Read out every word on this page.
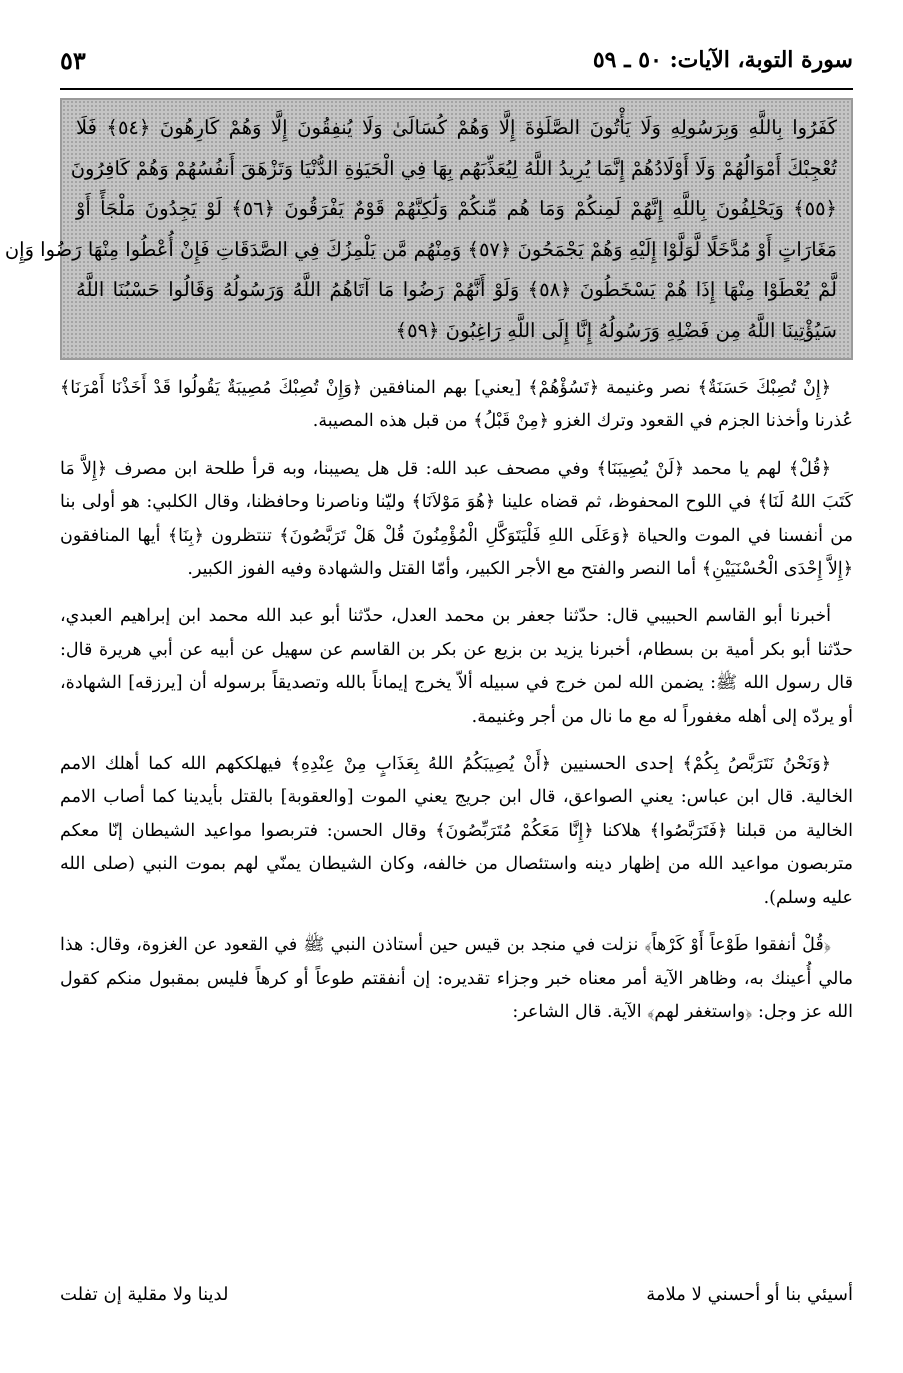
سورة التوبة، الآيات: ٥٠ ـ ٥٩
٥٣
كَفَرُوا بِاللَّهِ وَبِرَسُولِهِ وَلَا يَأْتُونَ الصَّلَوٰةَ إِلَّا وَهُمْ كُسَالَىٰ وَلَا يُنفِقُونَ إِلَّا وَهُمْ كَارِهُونَ ﴿٥٤﴾ فَلَا
تُعْجِبْكَ أَمْوَالُهُمْ وَلَا أَوْلَادُهُمْ إِنَّمَا يُرِيدُ اللَّهُ لِيُعَذِّبَهُم بِهَا فِي الْحَيَوٰةِ الدُّنْيَا وَتَزْهَقَ أَنفُسُهُمْ وَهُمْ كَافِرُونَ
﴿٥٥﴾ وَيَحْلِفُونَ بِاللَّهِ إِنَّهُمْ لَمِنكُمْ وَمَا هُم مِّنكُمْ وَلَٰكِنَّهُمْ قَوْمٌ يَفْرَقُونَ ﴿٥٦﴾ لَوْ يَجِدُونَ مَلْجَأً أَوْ
مَغَارَاتٍ أَوْ مُدَّخَلًا لَّوَلَّوْا إِلَيْهِ وَهُمْ يَجْمَحُونَ ﴿٥٧﴾ وَمِنْهُم مَّن يَلْمِزُكَ فِي الصَّدَقَاتِ فَإِنْ أُعْطُوا مِنْهَا رَضُوا وَإِن
لَّمْ يُعْطَوْا مِنْهَا إِذَا هُمْ يَسْخَطُونَ ﴿٥٨﴾ وَلَوْ أَنَّهُمْ رَضُوا مَا آتَاهُمُ اللَّهُ وَرَسُولُهُ وَقَالُوا حَسْبُنَا اللَّهُ
سَيُؤْتِينَا اللَّهُ مِن فَضْلِهِ وَرَسُولُهُ إِنَّا إِلَى اللَّهِ رَاغِبُونَ ﴿٥٩﴾

﴿إِنْ تُصِبْكَ حَسَنَةٌ﴾ نصر وغنيمة ﴿تَسُؤْهُمْ﴾ [يعني] بهم المنافقين ﴿وَإِنْ تُصِبْكَ مُصِيبَةٌ يَقُولُوا قَدْ أَخَذْنَا أَمْرَنَا﴾ عُذرنا وأخذنا الجزم في القعود وترك الغزو ﴿مِنْ قَبْلُ﴾ من قبل هذه المصيبة.

﴿قُلْ﴾ لهم يا محمد ﴿لَنْ يُصِيبَنَا﴾ وفي مصحف عبد الله: قل هل يصيبنا، وبه قرأ طلحة ابن مصرف ﴿إِلاَّ مَا كَتَبَ اللهُ لَنَا﴾ في اللوح المحفوظ، ثم قضاه علينا ﴿هُوَ مَوْلاَنَا﴾ وليّنا وناصرنا وحافظنا، وقال الكلبي: هو أولى بنا من أنفسنا في الموت والحياة ﴿وَعَلَى اللهِ فَلْيَتَوَكَّلِ الْمُؤْمِنُونَ قُلْ هَلْ تَرَبَّصُونَ﴾ تنتظرون ﴿بِنَا﴾ أيها المنافقون ﴿إِلاَّ إِحْدَى الْحُسْنَيَيْنِ﴾ أما النصر والفتح مع الأجر الكبير، وأمّا القتل والشهادة وفيه الفوز الكبير.

أخبرنا أبو القاسم الحبيبي قال: حدّثنا جعفر بن محمد العدل، حدّثنا أبو عبد الله محمد ابن إبراهيم العبدي، حدّثنا أبو بكر أمية بن بسطام، أخبرنا يزيد بن بزيع عن بكر بن القاسم عن سهيل عن أبيه عن أبي هريرة قال: قال رسول الله ﷺ: يضمن الله لمن خرج في سبيله ألاّ يخرج إيماناً بالله وتصديقاً برسوله أن [يرزقه] الشهادة، أو يردّه إلى أهله مغفوراً له مع ما نال من أجر وغنيمة.

﴿وَنَحْنُ نَتَرَبَّصُ بِكُمْ﴾ إحدى الحسنيين ﴿أَنْ يُصِيبَكُمُ اللهُ بِعَذَابٍ مِنْ عِنْدِهِ﴾ فيهلككهم الله كما أهلك الامم الخالية. قال ابن عباس: يعني الصواعق، قال ابن جريج يعني الموت [والعقوبة] بالقتل بأيدينا كما أصاب الامم الخالية من قبلنا ﴿فَتَرَبَّصُوا﴾ هلاكنا ﴿إِنَّا مَعَكُمْ مُتَرَبِّصُونَ﴾ وقال الحسن: فتربصوا مواعيد الشيطان إنّا معكم متربصون مواعيد الله من إظهار دينه واستئصال من خالفه، وكان الشيطان يمنّي لهم بموت النبي (صلى الله عليه وسلم).

﴿قُلْ أنفقوا طَوْعاً أَوْ كَرْهاً﴾ نزلت في منجد بن قيس حين أستاذن النبي ﷺ في القعود عن الغزوة، وقال: هذا مالي أُعينك به، وظاهر الآية أمر معناه خبر وجزاء تقديره: إن أنفقتم طوعاً أو كرهاً فليس بمقبول منكم كقول الله عز وجل: ﴿واستغفر لهم﴾ الآية. قال الشاعر:

أسيئي بنا أو أحسني لا ملامة
لدينا ولا مقلية إن تفلت
